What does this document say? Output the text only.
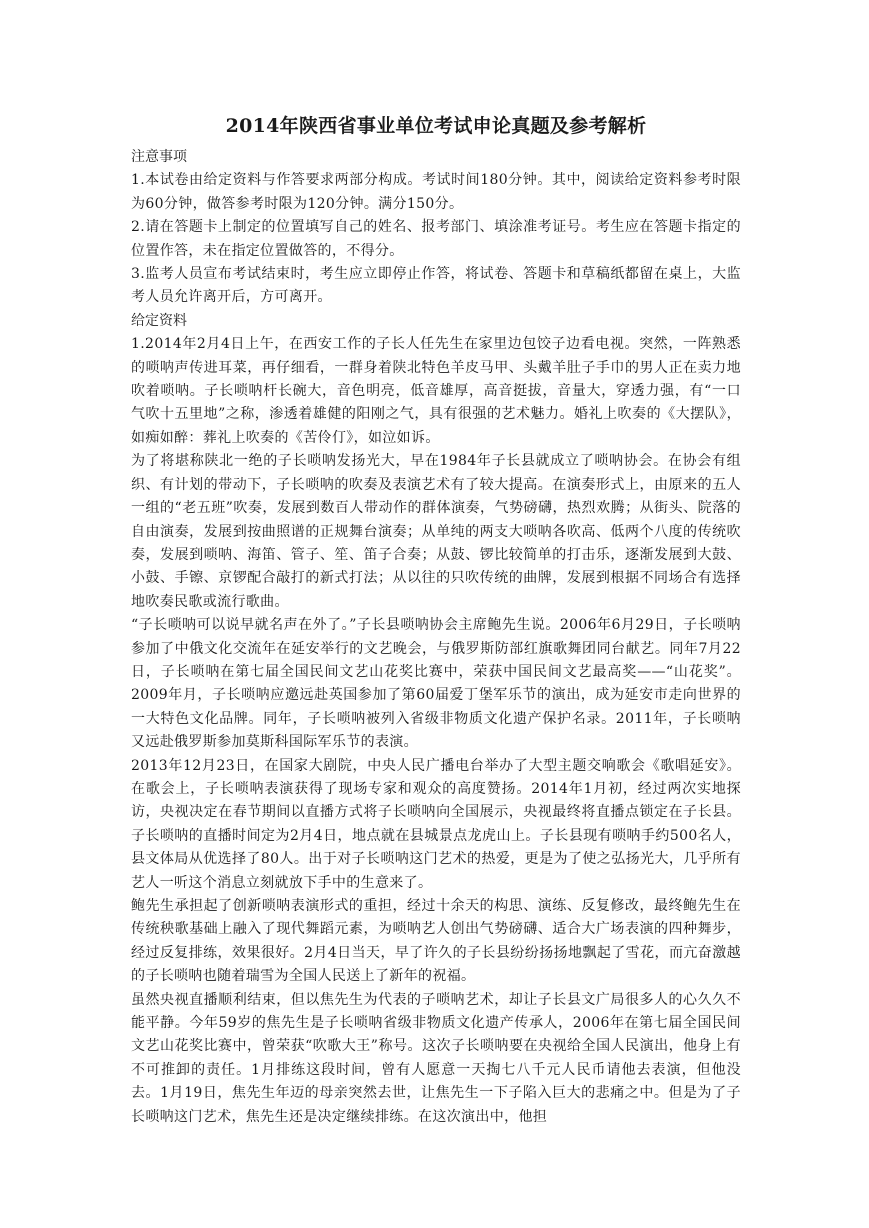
2014年陕西省事业单位考试申论真题及参考解析

注意事项

1.本试卷由给定资料与作答要求两部分构成。考试时间180分钟。其中，阅读给定资料参考时限为60分钟，做答参考时限为120分钟。满分150分。

2.请在答题卡上制定的位置填写自己的姓名、报考部门、填涂准考证号。考生应在答题卡指定的位置作答，未在指定位置做答的，不得分。

3.监考人员宣布考试结束时，考生应立即停止作答，将试卷、答题卡和草稿纸都留在桌上，大监考人员允许离开后，方可离开。

给定资料

1.2014年2月4日上午，在西安工作的子长人任先生在家里边包饺子边看电视。突然，一阵熟悉的唢呐声传进耳菜，再仔细看，一群身着陕北特色羊皮马甲、头戴羊肚子手巾的男人正在卖力地吹着唢呐。子长唢呐杆长碗大，音色明亮，低音雄厚，高音挺拔，音量大，穿透力强，有“一口气吹十五里地”之称，渗透着雄健的阳刚之气，具有很强的艺术魅力。婚礼上吹奏的《大摆队》，如痴如醉：葬礼上吹奏的《苦伶仃》，如泣如诉。

为了将堪称陕北一绝的子长唢呐发扬光大，早在1984年子长县就成立了唢呐协会。在协会有组织、有计划的带动下，子长唢呐的吹奏及表演艺术有了较大提高。在演奏形式上，由原来的五人一组的“老五班”吹奏，发展到数百人带动作的群体演奏，气势磅礴，热烈欢腾；从街头、院落的自由演奏，发展到按曲照谱的正规舞台演奏；从单纯的两支大唢呐各吹高、低两个八度的传统吹奏，发展到唢呐、海笛、管子、笙、笛子合奏；从鼓、锣比较简单的打击乐，逐渐发展到大鼓、小鼓、手镲、京锣配合敲打的新式打法；从以往的只吹传统的曲牌，发展到根据不同场合有选择地吹奏民歌或流行歌曲。

“子长唢呐可以说早就名声在外了。”子长县唢呐协会主席鲍先生说。2006年6月29日，子长唢呐参加了中俄文化交流年在延安举行的文艺晚会，与俄罗斯防部红旗歌舞团同台献艺。同年7月22日，子长唢呐在第七届全国民间文艺山花奖比赛中，荣获中国民间文艺最高奖——“山花奖”。2009年月，子长唢呐应邀远赴英国参加了第60届爱丁堡军乐节的演出，成为延安市走向世界的一大特色文化品牌。同年，子长唢呐被列入省级非物质文化遗产保护名录。2011年，子长唢呐又远赴俄罗斯参加莫斯科国际军乐节的表演。

2013年12月23日，在国家大剧院，中央人民广播电台举办了大型主题交响歌会《歌唱延安》。在歌会上，子长唢呐表演获得了现场专家和观众的高度赞扬。2014年1月初，经过两次实地探访，央视决定在春节期间以直播方式将子长唢呐向全国展示，央视最终将直播点锁定在子长县。子长唢呐的直播时间定为2月4日，地点就在县城景点龙虎山上。子长县现有唢呐手约500名人，县文体局从优选择了80人。出于对子长唢呐这门艺术的热爱，更是为了使之弘扬光大，几乎所有艺人一听这个消息立刻就放下手中的生意来了。

鲍先生承担起了创新唢呐表演形式的重担，经过十余天的构思、演练、反复修改，最终鲍先生在传统秧歌基础上融入了现代舞蹈元素，为唢呐艺人创出气势磅礴、适合大广场表演的四种舞步，经过反复排练，效果很好。2月4日当天，早了许久的子长县纷纷扬扬地飘起了雪花，而亢奋激越的子长唢呐也随着瑞雪为全国人民送上了新年的祝福。

虽然央视直播顺利结束，但以焦先生为代表的子唢呐艺术，却让子长县文广局很多人的心久久不能平静。今年59岁的焦先生是子长唢呐省级非物质文化遗产传承人，2006年在第七届全国民间文艺山花奖比赛中，曾荣获“吹歌大王”称号。这次子长唢呐要在央视给全国人民演出，他身上有不可推卸的责任。1月排练这段时间，曾有人愿意一天掏七八千元人民币请他去表演，但他没去。1月19日，焦先生年迈的母亲突然去世，让焦先生一下子陷入巨大的悲痛之中。但是为了子长唢呐这门艺术，焦先生还是决定继续排练。在这次演出中，他担
